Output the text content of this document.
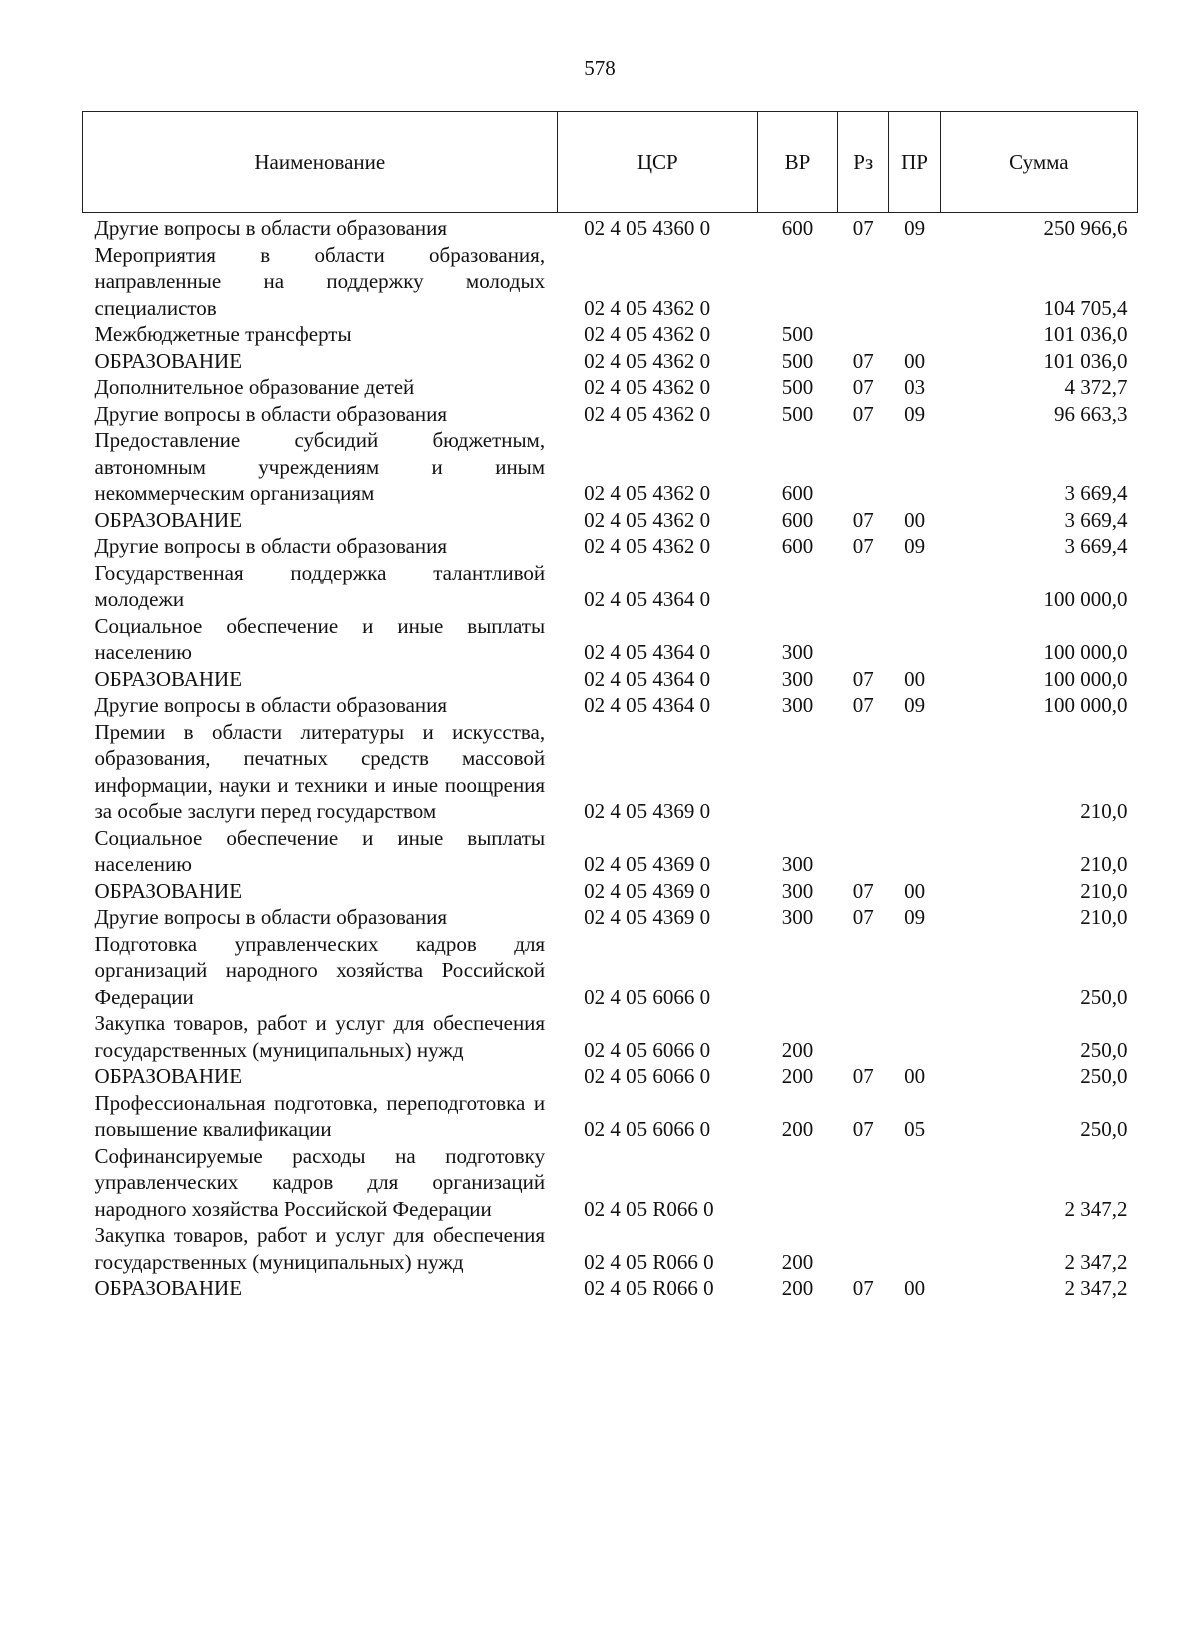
578
Наименование	ЦСР	ВР	Рз	ПР	Сумма

Другие вопросы в области образования	02 4 05 4360 0	600	07	09	250 966,6

Мероприятия в области образования, направленные на поддержку молодых специалистов	02 4 05 4362 0				104 705,4

Межбюджетные трансферты	02 4 05 4362 0	500			101 036,0

ОБРАЗОВАНИЕ	02 4 05 4362 0	500	07	00	101 036,0

Дополнительное образование детей	02 4 05 4362 0	500	07	03	4 372,7

Другие вопросы в области образования	02 4 05 4362 0	500	07	09	96 663,3

Предоставление субсидий бюджетным, автономным учреждениям и иным некоммерческим организациям	02 4 05 4362 0	600			3 669,4

ОБРАЗОВАНИЕ	02 4 05 4362 0	600	07	00	3 669,4

Другие вопросы в области образования	02 4 05 4362 0	600	07	09	3 669,4

Государственная поддержка талантливой молодежи	02 4 05 4364 0				100 000,0

Социальное обеспечение и иные выплаты населению	02 4 05 4364 0	300			100 000,0

ОБРАЗОВАНИЕ	02 4 05 4364 0	300	07	00	100 000,0

Другие вопросы в области образования	02 4 05 4364 0	300	07	09	100 000,0

Премии в области литературы и искусства, образования, печатных средств массовой информации, науки и техники и иные поощрения за особые заслуги перед государством	02 4 05 4369 0				210,0

Социальное обеспечение и иные выплаты населению	02 4 05 4369 0	300			210,0

ОБРАЗОВАНИЕ	02 4 05 4369 0	300	07	00	210,0

Другие вопросы в области образования	02 4 05 4369 0	300	07	09	210,0

Подготовка управленческих кадров для организаций народного хозяйства Российской Федерации	02 4 05 6066 0				250,0

Закупка товаров, работ и услуг для обеспечения государственных (муниципальных) нужд	02 4 05 6066 0	200			250,0

ОБРАЗОВАНИЕ	02 4 05 6066 0	200	07	00	250,0

Профессиональная подготовка, переподготовка и повышение квалификации	02 4 05 6066 0	200	07	05	250,0

Софинансируемые расходы на подготовку управленческих кадров для организаций народного хозяйства Российской Федерации	02 4 05 R066 0				2 347,2

Закупка товаров, работ и услуг для обеспечения государственных (муниципальных) нужд	02 4 05 R066 0	200			2 347,2

ОБРАЗОВАНИЕ	02 4 05 R066 0	200	07	00	2 347,2
